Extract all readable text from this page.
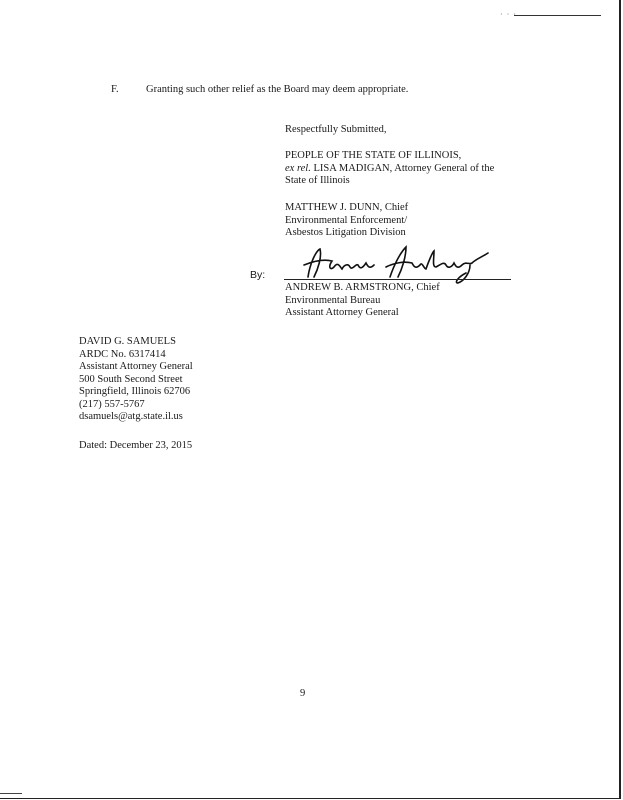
· · ·
F.	Granting such other relief as the Board may deem appropriate.
Respectfully Submitted,
PEOPLE OF THE STATE OF ILLINOIS,
ex rel. LISA MADIGAN, Attorney General of the
State of Illinois
MATTHEW J. DUNN, Chief
Environmental Enforcement/
Asbestos Litigation Division
By:
ANDREW B. ARMSTRONG, Chief
Environmental Bureau
Assistant Attorney General
DAVID G. SAMUELS
ARDC No. 6317414
Assistant Attorney General
500 South Second Street
Springfield, Illinois 62706
(217) 557-5767
dsamuels@atg.state.il.us
Dated: December 23, 2015
9
